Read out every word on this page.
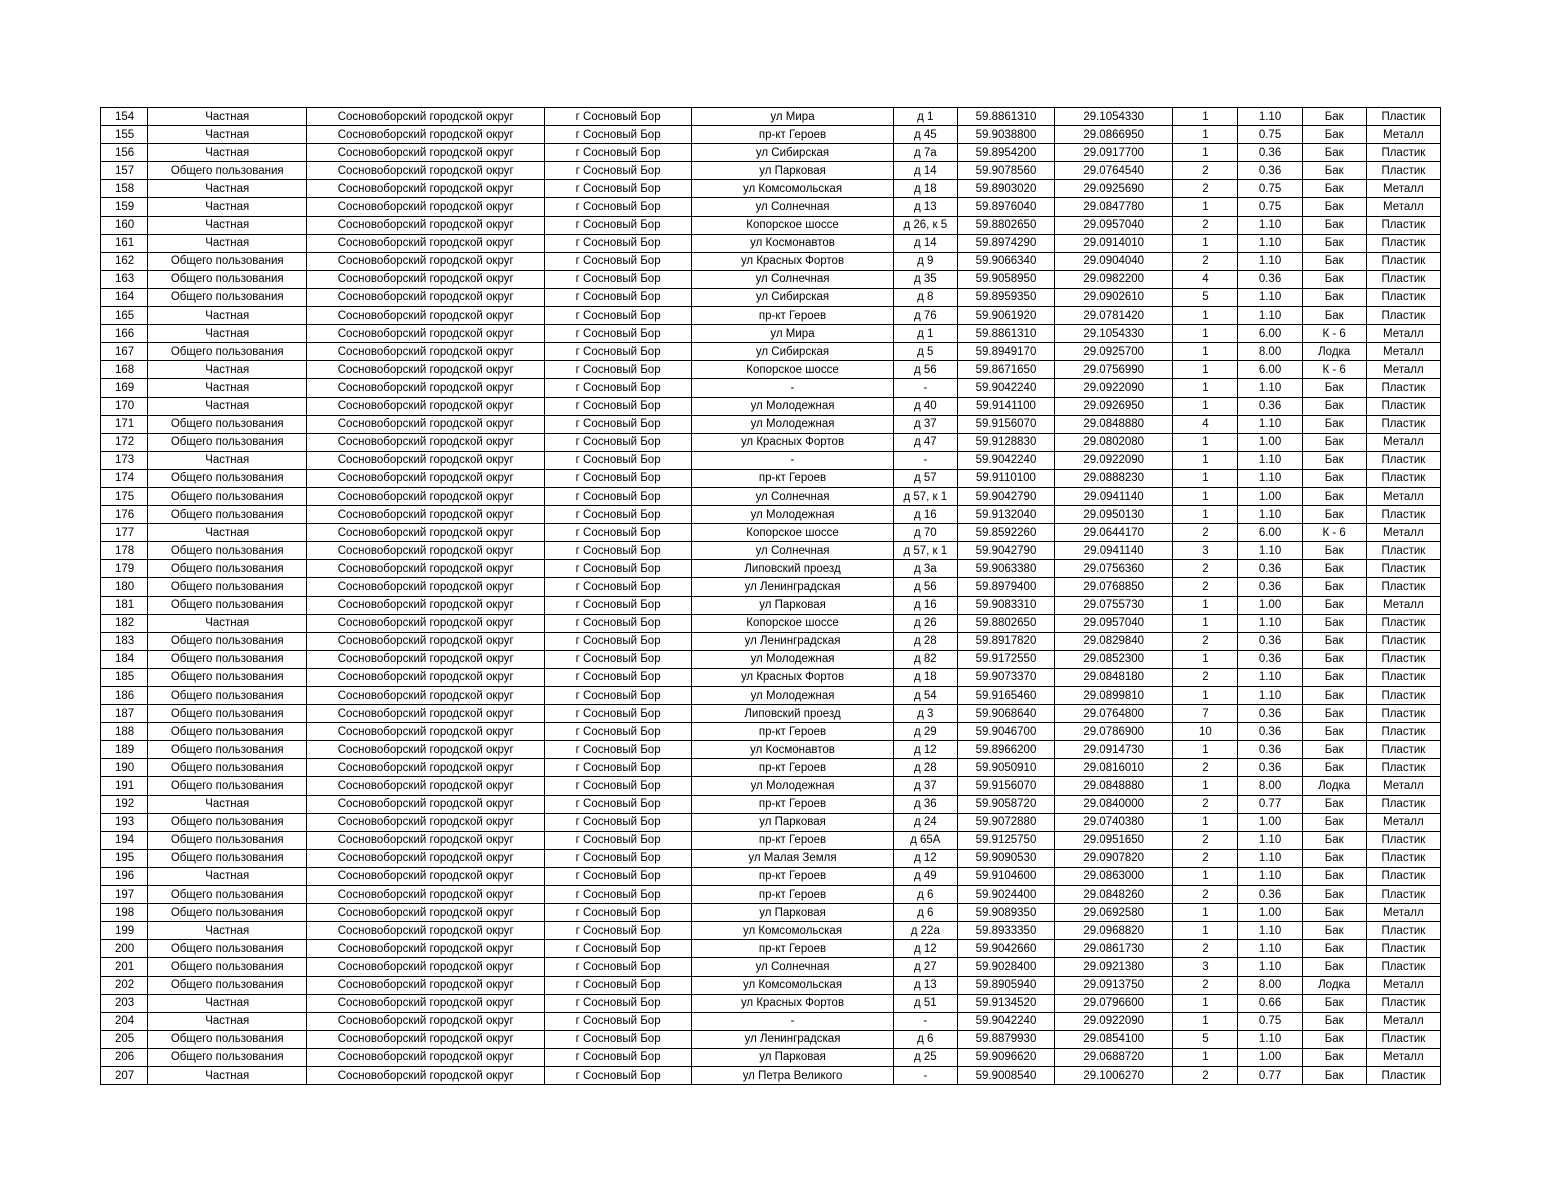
154	Частная	Сосновоборский городской округ	г Сосновый Бор	ул Мира	д 1	59.8861310	29.1054330	1	1.10	Бак	Пластик
155	Частная	Сосновоборский городской округ	г Сосновый Бор	пр-кт Героев	д 45	59.9038800	29.0866950	1	0.75	Бак	Металл
156	Частная	Сосновоборский городской округ	г Сосновый Бор	ул Сибирская	д 7а	59.8954200	29.0917700	1	0.36	Бак	Пластик
157	Общего пользования	Сосновоборский городской округ	г Сосновый Бор	ул Парковая	д 14	59.9078560	29.0764540	2	0.36	Бак	Пластик
158	Частная	Сосновоборский городской округ	г Сосновый Бор	ул Комсомольская	д 18	59.8903020	29.0925690	2	0.75	Бак	Металл
159	Частная	Сосновоборский городской округ	г Сосновый Бор	ул Солнечная	д 13	59.8976040	29.0847780	1	0.75	Бак	Металл
160	Частная	Сосновоборский городской округ	г Сосновый Бор	Копорское шоссе	д 26, к 5	59.8802650	29.0957040	2	1.10	Бак	Пластик
161	Частная	Сосновоборский городской округ	г Сосновый Бор	ул Космонавтов	д 14	59.8974290	29.0914010	1	1.10	Бак	Пластик
162	Общего пользования	Сосновоборский городской округ	г Сосновый Бор	ул Красных Фортов	д 9	59.9066340	29.0904040	2	1.10	Бак	Пластик
163	Общего пользования	Сосновоборский городской округ	г Сосновый Бор	ул Солнечная	д 35	59.9058950	29.0982200	4	0.36	Бак	Пластик
164	Общего пользования	Сосновоборский городской округ	г Сосновый Бор	ул Сибирская	д 8	59.8959350	29.0902610	5	1.10	Бак	Пластик
165	Частная	Сосновоборский городской округ	г Сосновый Бор	пр-кт Героев	д 76	59.9061920	29.0781420	1	1.10	Бак	Пластик
166	Частная	Сосновоборский городской округ	г Сосновый Бор	ул Мира	д 1	59.8861310	29.1054330	1	6.00	К - 6	Металл
167	Общего пользования	Сосновоборский городской округ	г Сосновый Бор	ул Сибирская	д 5	59.8949170	29.0925700	1	8.00	Лодка	Металл
168	Частная	Сосновоборский городской округ	г Сосновый Бор	Копорское шоссе	д 56	59.8671650	29.0756990	1	6.00	К - 6	Металл
169	Частная	Сосновоборский городской округ	г Сосновый Бор	-	-	59.9042240	29.0922090	1	1.10	Бак	Пластик
170	Частная	Сосновоборский городской округ	г Сосновый Бор	ул Молодежная	д 40	59.9141100	29.0926950	1	0.36	Бак	Пластик
171	Общего пользования	Сосновоборский городской округ	г Сосновый Бор	ул Молодежная	д 37	59.9156070	29.0848880	4	1.10	Бак	Пластик
172	Общего пользования	Сосновоборский городской округ	г Сосновый Бор	ул Красных Фортов	д 47	59.9128830	29.0802080	1	1.00	Бак	Металл
173	Частная	Сосновоборский городской округ	г Сосновый Бор	-	-	59.9042240	29.0922090	1	1.10	Бак	Пластик
174	Общего пользования	Сосновоборский городской округ	г Сосновый Бор	пр-кт Героев	д 57	59.9110100	29.0888230	1	1.10	Бак	Пластик
175	Общего пользования	Сосновоборский городской округ	г Сосновый Бор	ул Солнечная	д 57, к 1	59.9042790	29.0941140	1	1.00	Бак	Металл
176	Общего пользования	Сосновоборский городской округ	г Сосновый Бор	ул Молодежная	д 16	59.9132040	29.0950130	1	1.10	Бак	Пластик
177	Частная	Сосновоборский городской округ	г Сосновый Бор	Копорское шоссе	д 70	59.8592260	29.0644170	2	6.00	К - 6	Металл
178	Общего пользования	Сосновоборский городской округ	г Сосновый Бор	ул Солнечная	д 57, к 1	59.9042790	29.0941140	3	1.10	Бак	Пластик
179	Общего пользования	Сосновоборский городской округ	г Сосновый Бор	Липовский проезд	д 3а	59.9063380	29.0756360	2	0.36	Бак	Пластик
180	Общего пользования	Сосновоборский городской округ	г Сосновый Бор	ул Ленинградская	д 56	59.8979400	29.0768850	2	0.36	Бак	Пластик
181	Общего пользования	Сосновоборский городской округ	г Сосновый Бор	ул Парковая	д 16	59.9083310	29.0755730	1	1.00	Бак	Металл
182	Частная	Сосновоборский городской округ	г Сосновый Бор	Копорское шоссе	д 26	59.8802650	29.0957040	1	1.10	Бак	Пластик
183	Общего пользования	Сосновоборский городской округ	г Сосновый Бор	ул Ленинградская	д 28	59.8917820	29.0829840	2	0.36	Бак	Пластик
184	Общего пользования	Сосновоборский городской округ	г Сосновый Бор	ул Молодежная	д 82	59.9172550	29.0852300	1	0.36	Бак	Пластик
185	Общего пользования	Сосновоборский городской округ	г Сосновый Бор	ул Красных Фортов	д 18	59.9073370	29.0848180	2	1.10	Бак	Пластик
186	Общего пользования	Сосновоборский городской округ	г Сосновый Бор	ул Молодежная	д 54	59.9165460	29.0899810	1	1.10	Бак	Пластик
187	Общего пользования	Сосновоборский городской округ	г Сосновый Бор	Липовский проезд	д 3	59.9068640	29.0764800	7	0.36	Бак	Пластик
188	Общего пользования	Сосновоборский городской округ	г Сосновый Бор	пр-кт Героев	д 29	59.9046700	29.0786900	10	0.36	Бак	Пластик
189	Общего пользования	Сосновоборский городской округ	г Сосновый Бор	ул Космонавтов	д 12	59.8966200	29.0914730	1	0.36	Бак	Пластик
190	Общего пользования	Сосновоборский городской округ	г Сосновый Бор	пр-кт Героев	д 28	59.9050910	29.0816010	2	0.36	Бак	Пластик
191	Общего пользования	Сосновоборский городской округ	г Сосновый Бор	ул Молодежная	д 37	59.9156070	29.0848880	1	8.00	Лодка	Металл
192	Частная	Сосновоборский городской округ	г Сосновый Бор	пр-кт Героев	д 36	59.9058720	29.0840000	2	0.77	Бак	Пластик
193	Общего пользования	Сосновоборский городской округ	г Сосновый Бор	ул Парковая	д 24	59.9072880	29.0740380	1	1.00	Бак	Металл
194	Общего пользования	Сосновоборский городской округ	г Сосновый Бор	пр-кт Героев	д 65А	59.9125750	29.0951650	2	1.10	Бак	Пластик
195	Общего пользования	Сосновоборский городской округ	г Сосновый Бор	ул Малая Земля	д 12	59.9090530	29.0907820	2	1.10	Бак	Пластик
196	Частная	Сосновоборский городской округ	г Сосновый Бор	пр-кт Героев	д 49	59.9104600	29.0863000	1	1.10	Бак	Пластик
197	Общего пользования	Сосновоборский городской округ	г Сосновый Бор	пр-кт Героев	д 6	59.9024400	29.0848260	2	0.36	Бак	Пластик
198	Общего пользования	Сосновоборский городской округ	г Сосновый Бор	ул Парковая	д 6	59.9089350	29.0692580	1	1.00	Бак	Металл
199	Частная	Сосновоборский городской округ	г Сосновый Бор	ул Комсомольская	д 22а	59.8933350	29.0968820	1	1.10	Бак	Пластик
200	Общего пользования	Сосновоборский городской округ	г Сосновый Бор	пр-кт Героев	д 12	59.9042660	29.0861730	2	1.10	Бак	Пластик
201	Общего пользования	Сосновоборский городской округ	г Сосновый Бор	ул Солнечная	д 27	59.9028400	29.0921380	3	1.10	Бак	Пластик
202	Общего пользования	Сосновоборский городской округ	г Сосновый Бор	ул Комсомольская	д 13	59.8905940	29.0913750	2	8.00	Лодка	Металл
203	Частная	Сосновоборский городской округ	г Сосновый Бор	ул Красных Фортов	д 51	59.9134520	29.0796600	1	0.66	Бак	Пластик
204	Частная	Сосновоборский городской округ	г Сосновый Бор	-	-	59.9042240	29.0922090	1	0.75	Бак	Металл
205	Общего пользования	Сосновоборский городской округ	г Сосновый Бор	ул Ленинградская	д 6	59.8879930	29.0854100	5	1.10	Бак	Пластик
206	Общего пользования	Сосновоборский городской округ	г Сосновый Бор	ул Парковая	д 25	59.9096620	29.0688720	1	1.00	Бак	Металл
207	Частная	Сосновоборский городской округ	г Сосновый Бор	ул Петра Великого	-	59.9008540	29.1006270	2	0.77	Бак	Пластик
